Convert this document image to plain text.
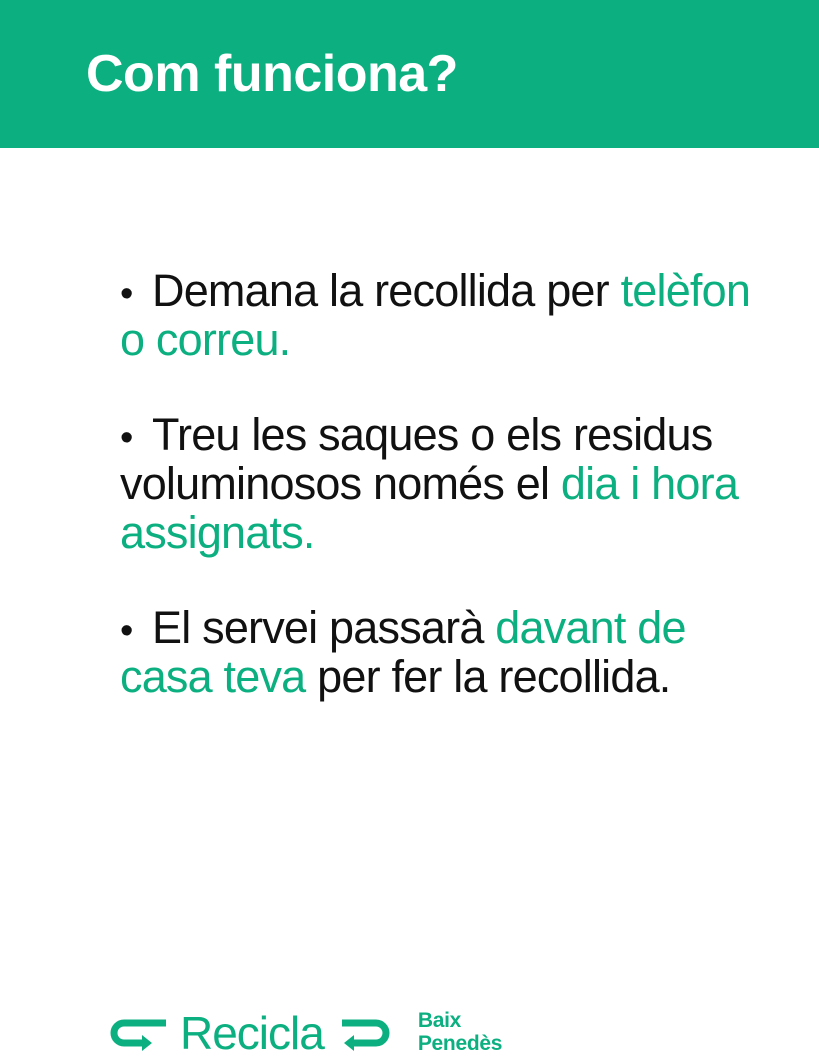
Com funciona?
• Demana la recollida per telèfon o correu.
• Treu les saques o els residus voluminosos només el dia i hora assignats.
• El servei passarà davant de casa teva per fer la recollida.
Recicla	Baix
Penedès
